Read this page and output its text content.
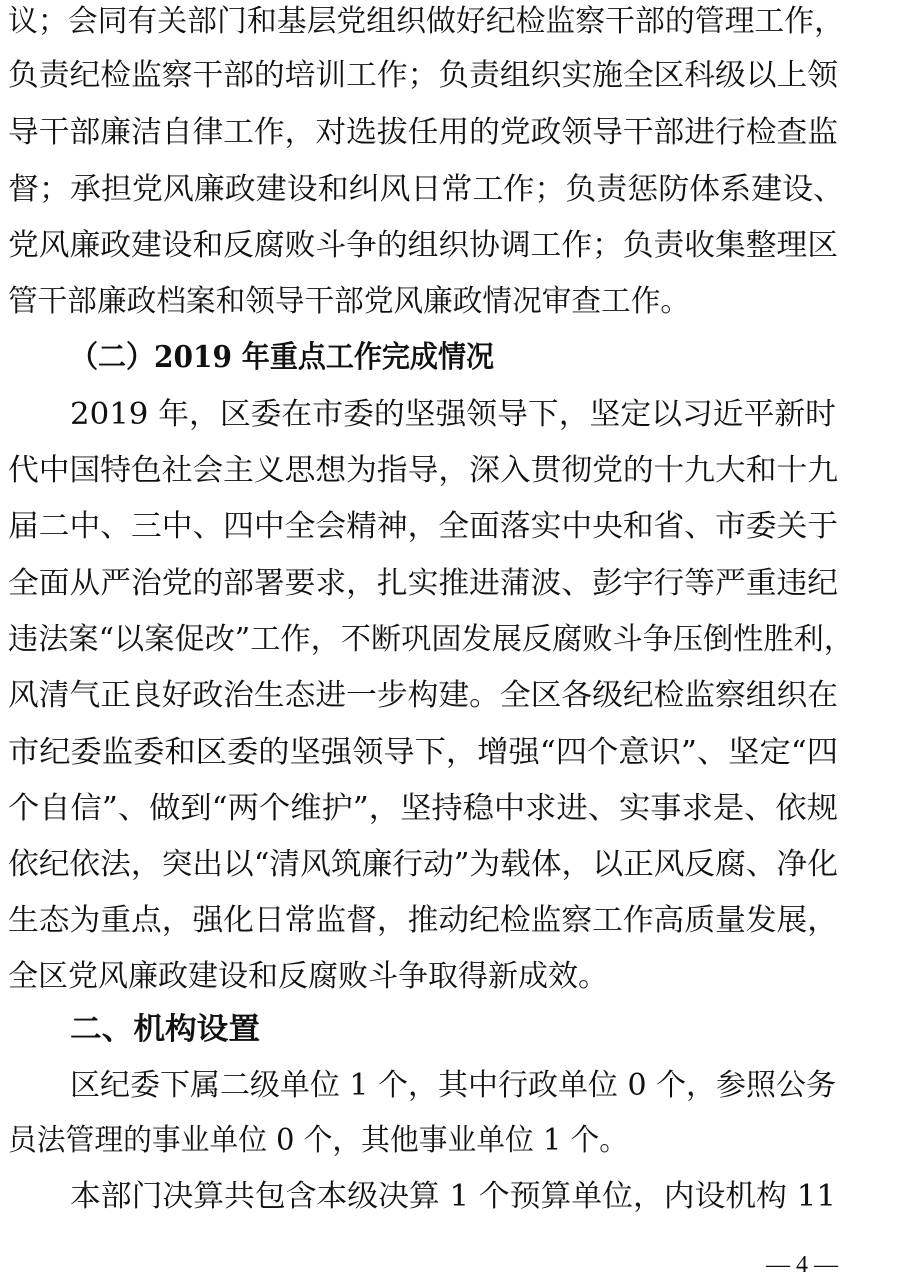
议；会同有关部门和基层党组织做好纪检监察干部的管理工作，
负责纪检监察干部的培训工作；负责组织实施全区科级以上领
导干部廉洁自律工作，对选拔任用的党政领导干部进行检查监
督；承担党风廉政建设和纠风日常工作；负责惩防体系建设、
党风廉政建设和反腐败斗争的组织协调工作；负责收集整理区
管干部廉政档案和领导干部党风廉政情况审查工作。
（二）2019 年重点工作完成情况
2019 年，区委在市委的坚强领导下，坚定以习近平新时
代中国特色社会主义思想为指导，深入贯彻党的十九大和十九
届二中、三中、四中全会精神，全面落实中央和省、市委关于
全面从严治党的部署要求，扎实推进蒲波、彭宇行等严重违纪
违法案“以案促改”工作，不断巩固发展反腐败斗争压倒性胜利，
风清气正良好政治生态进一步构建。全区各级纪检监察组织在
市纪委监委和区委的坚强领导下，增强“四个意识”、坚定“四
个自信”、做到“两个维护”，坚持稳中求进、实事求是、依规
依纪依法，突出以“清风筑廉行动”为载体，以正风反腐、净化
生态为重点，强化日常监督，推动纪检监察工作高质量发展，
全区党风廉政建设和反腐败斗争取得新成效。
二、机构设置
区纪委下属二级单位 1 个，其中行政单位 0 个，参照公务
员法管理的事业单位 0 个，其他事业单位 1 个。
本部门决算共包含本级决算 1 个预算单位，内设机构 11
— 4 —
